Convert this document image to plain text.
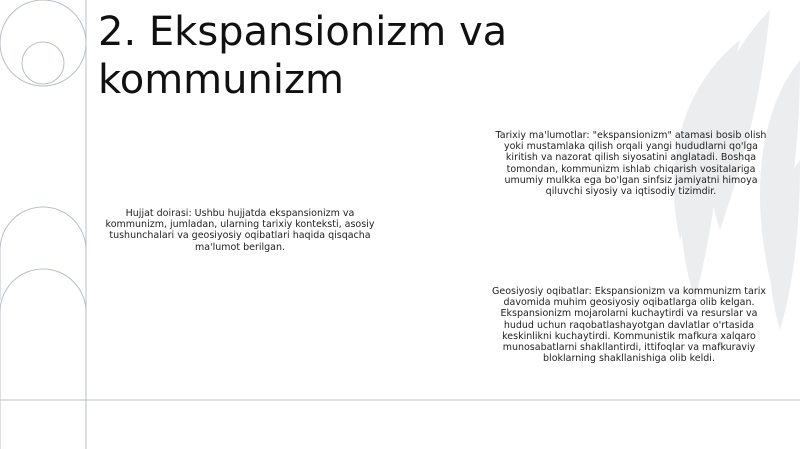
2. Ekspansionizm va kommunizm

Tarixiy ma'lumotlar: "ekspansionizm" atamasi bosib olish yoki mustamlaka qilish orqali yangi hududlarni qo'lga kiritish va nazorat qilish siyosatini anglatadi. Boshqa tomondan, kommunizm ishlab chiqarish vositalariga umumiy mulkka ega bo'lgan sinfsiz jamiyatni himoya qiluvchi siyosiy va iqtisodiy tizimdir.

Hujjat doirasi: Ushbu hujjatda ekspansionizm va kommunizm, jumladan, ularning tarixiy konteksti, asosiy tushunchalari va geosiyosiy oqibatlari haqida qisqacha ma'lumot berilgan.

Geosiyosiy oqibatlar: Ekspansionizm va kommunizm tarix davomida muhim geosiyosiy oqibatlarga olib kelgan. Ekspansionizm mojarolarni kuchaytirdi va resurslar va hudud uchun raqobatlashayotgan davlatlar o'rtasida keskinlikni kuchaytirdi. Kommunistik mafkura xalqaro munosabatlarni shakllantirdi, ittifoqlar va mafkuraviy bloklarning shakllanishiga olib keldi.
